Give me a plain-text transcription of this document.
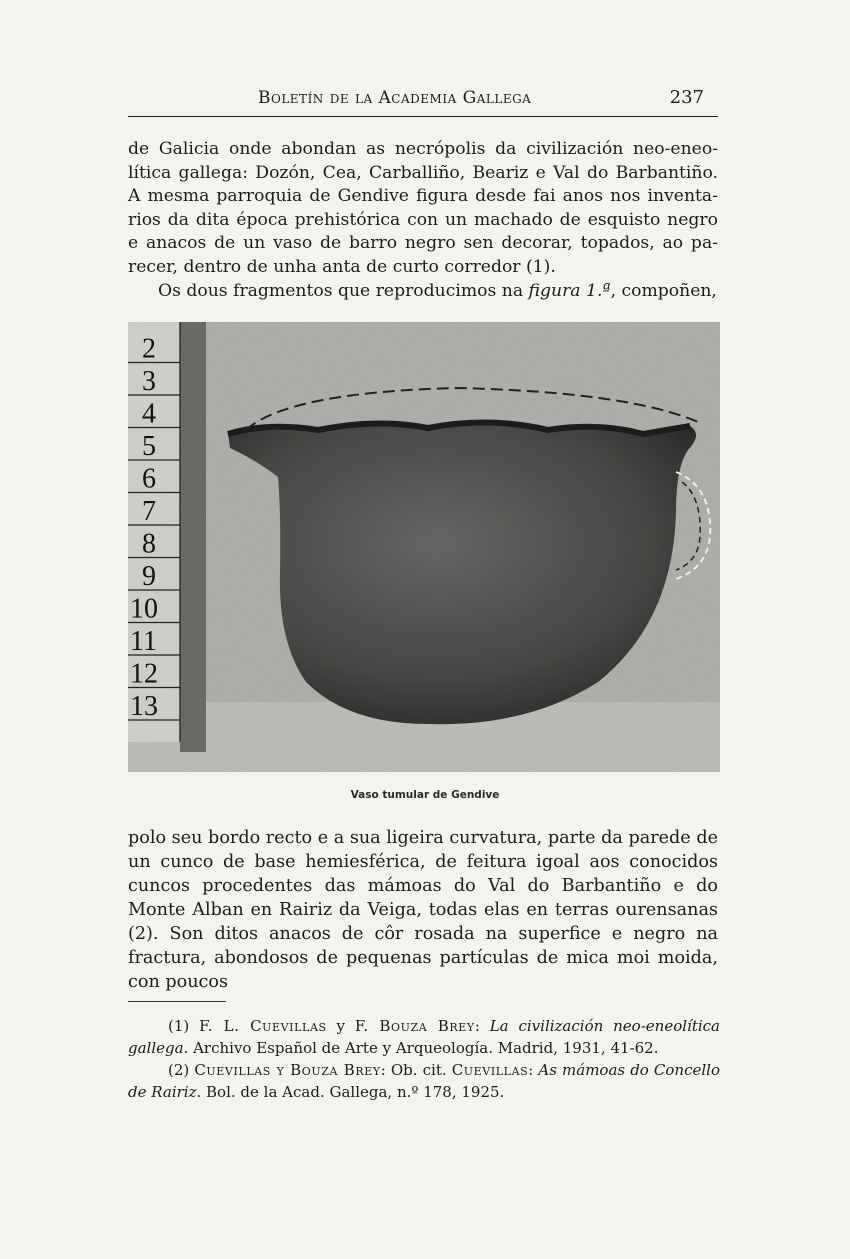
Boletín de la Academia Gallega	237

de Galicia onde abondan as necrópolis da civilización neo-eneo- lítica gallega: Dozón, Cea, Carballiño, Beariz e Val do Barbantiño. A mesma parroquia de Gendive figura desde fai anos nos inventa- rios da dita época prehistórica con un machado de esquisto negro e anacos de un vaso de barro negro sen decorar, topados, ao pa- recer, dentro de unha anta de curto corredor (1).

Os dous fragmentos que reproducimos na figura 1.ª, compoñen,

2
3
4
5
6
7
8
9
10
11
12
13
Vaso tumular de Gendive

polo seu bordo recto e a sua ligeira curvatura, parte da parede de un cunco de base hemiesférica, de feitura igoal aos conocidos cuncos procedentes das mámoas do Val do Barbantiño e do Monte Alban en Rairiz da Veiga, todas elas en terras ourensanas (2). Son ditos anacos de côr rosada na superfice e negro na fractura, abondosos de pequenas partículas de mica moi moida, con poucos

(1) F. L. Cuevillas y F. Bouza Brey: La civilización neo-eneolítica gallega. Archivo Español de Arte y Arqueología. Madrid, 1931, 41-62.

(2) Cuevillas y Bouza Brey: Ob. cit. Cuevillas: As mámoas do Concello de Rairiz. Bol. de la Acad. Gallega, n.º 178, 1925.
